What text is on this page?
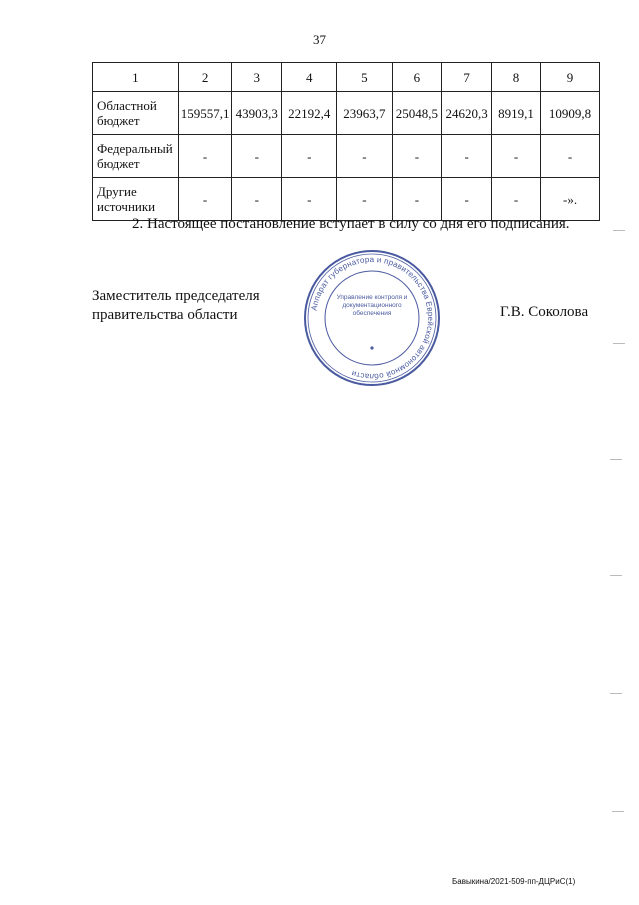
37
1	2	3	4	5	6	7	8	9
Областной бюджет	159557,1	43903,3	22192,4	23963,7	25048,5	24620,3	8919,1	10909,8
Федеральный бюджет	-	-	-	-	-	-	-	-
Другие источники	-	-	-	-	-	-	-	-».
2. Настоящее постановление вступает в силу со дня его подписания.
Заместитель председателя
правительства области	Аппарат губернатора и правительства Еврейской автономной области
Управление контроля и документационного обеспечения	Г.В. Соколова
Бавыкина/2021-509-пп-ДЦРиС(1)
